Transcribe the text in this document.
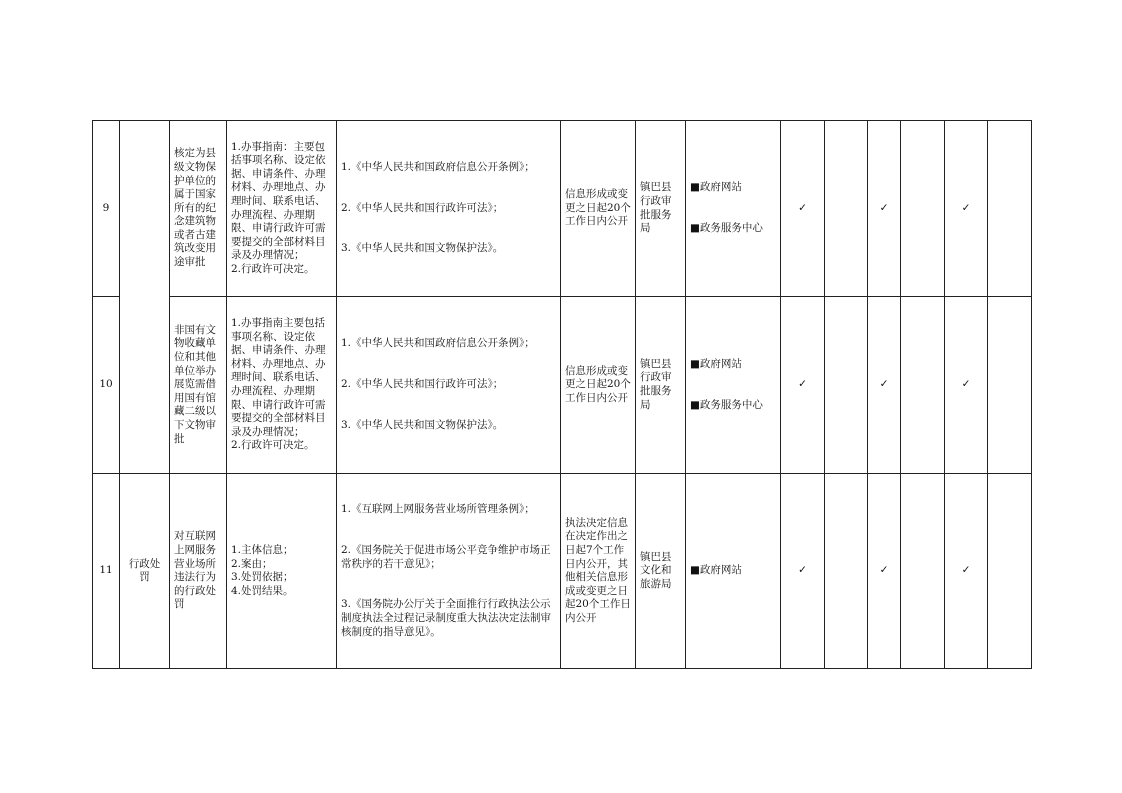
9		核定为县级文物保护单位的属于国家所有的纪念建筑物或者古建筑改变用途审批	1.办事指南：主要包括事项名称、设定依据、申请条件、办理材料、办理地点、办理时间、联系电话、办理流程、办理期限、申请行政许可需要提交的全部材料目录及办理情况；
2.行政许可决定。	1.《中华人民共和国政府信息公开条例》；

2.《中华人民共和国行政许可法》；

3.《中华人民共和国文物保护法》。	信息形成或变更之日起20个工作日内公开	镇巴县行政审批服务局	■政府网站

■政务服务中心	✓		✓		✓	
10		非国有文物收藏单位和其他单位举办展览需借用国有馆藏二级以下文物审批	1.办事指南主要包括事项名称、设定依据、申请条件、办理材料、办理地点、办理时间、联系电话、办理流程、办理期限、申请行政许可需要提交的全部材料目录及办理情况；
2.行政许可决定。	1.《中华人民共和国政府信息公开条例》；

2.《中华人民共和国行政许可法》；

3.《中华人民共和国文物保护法》。	信息形成或变更之日起20个工作日内公开	镇巴县行政审批服务局	■政府网站

■政务服务中心	✓		✓		✓	
11	行政处罚	对互联网上网服务营业场所违法行为的行政处罚	1.主体信息；
2.案由；
3.处罚依据；
4.处罚结果。	1.《互联网上网服务营业场所管理条例》；

2.《国务院关于促进市场公平竞争维护市场正常秩序的若干意见》；

3.《国务院办公厅关于全面推行行政执法公示制度执法全过程记录制度重大执法决定法制审核制度的指导意见》。	执法决定信息在决定作出之日起7个工作日内公开，其他相关信息形成或变更之日起20个工作日内公开	镇巴县文化和旅游局	■政府网站	✓		✓		✓	
